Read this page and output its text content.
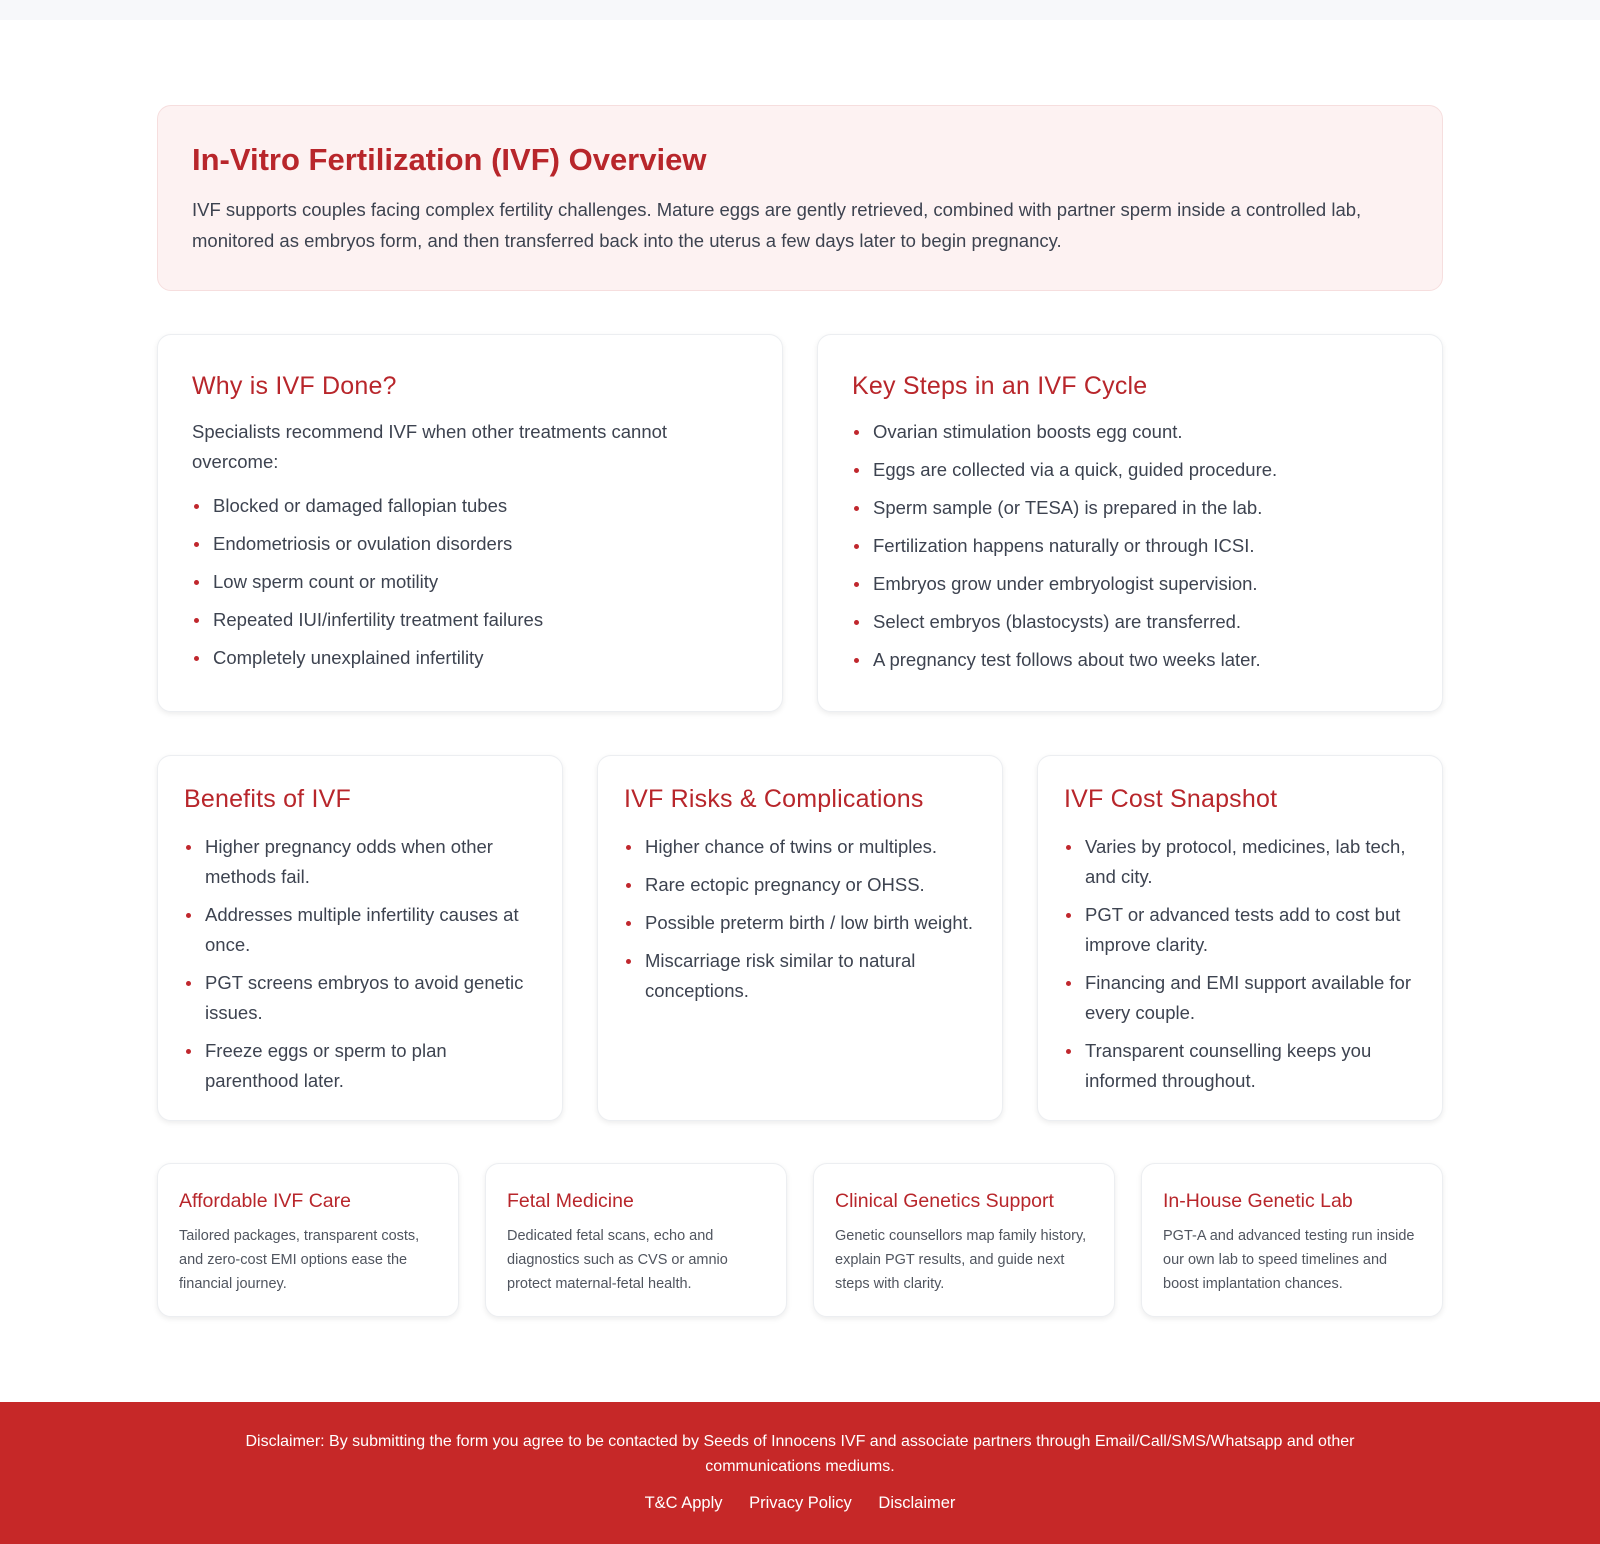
In-Vitro Fertilization (IVF) Overview

IVF supports couples facing complex fertility challenges. Mature eggs are gently retrieved, combined with partner sperm inside a controlled lab, monitored as embryos form, and then transferred back into the uterus a few days later to begin pregnancy.

Why is IVF Done?

Specialists recommend IVF when other treatments cannot overcome:

Blocked or damaged fallopian tubes
Endometriosis or ovulation disorders
Low sperm count or motility
Repeated IUI/infertility treatment failures
Completely unexplained infertility
Key Steps in an IVF Cycle
Ovarian stimulation boosts egg count.
Eggs are collected via a quick, guided procedure.
Sperm sample (or TESA) is prepared in the lab.
Fertilization happens naturally or through ICSI.
Embryos grow under embryologist supervision.
Select embryos (blastocysts) are transferred.
A pregnancy test follows about two weeks later.
Benefits of IVF
Higher pregnancy odds when other methods fail.
Addresses multiple infertility causes at once.
PGT screens embryos to avoid genetic issues.
Freeze eggs or sperm to plan parenthood later.
IVF Risks & Complications
Higher chance of twins or multiples.
Rare ectopic pregnancy or OHSS.
Possible preterm birth / low birth weight.
Miscarriage risk similar to natural conceptions.
IVF Cost Snapshot
Varies by protocol, medicines, lab tech, and city.
PGT or advanced tests add to cost but improve clarity.
Financing and EMI support available for every couple.
Transparent counselling keeps you informed throughout.
Affordable IVF Care

Tailored packages, transparent costs, and zero-cost EMI options ease the financial journey.

Fetal Medicine

Dedicated fetal scans, echo and diagnostics such as CVS or amnio protect maternal-fetal health.

Clinical Genetics Support

Genetic counsellors map family history, explain PGT results, and guide next steps with clarity.

In-House Genetic Lab

PGT-A and advanced testing run inside our own lab to speed timelines and boost implantation chances.

Disclaimer: By submitting the form you agree to be contacted by Seeds of Innocens IVF and associate partners through Email/Call/SMS/Whatsapp and other communications mediums.

T&C Apply Privacy Policy Disclaimer
